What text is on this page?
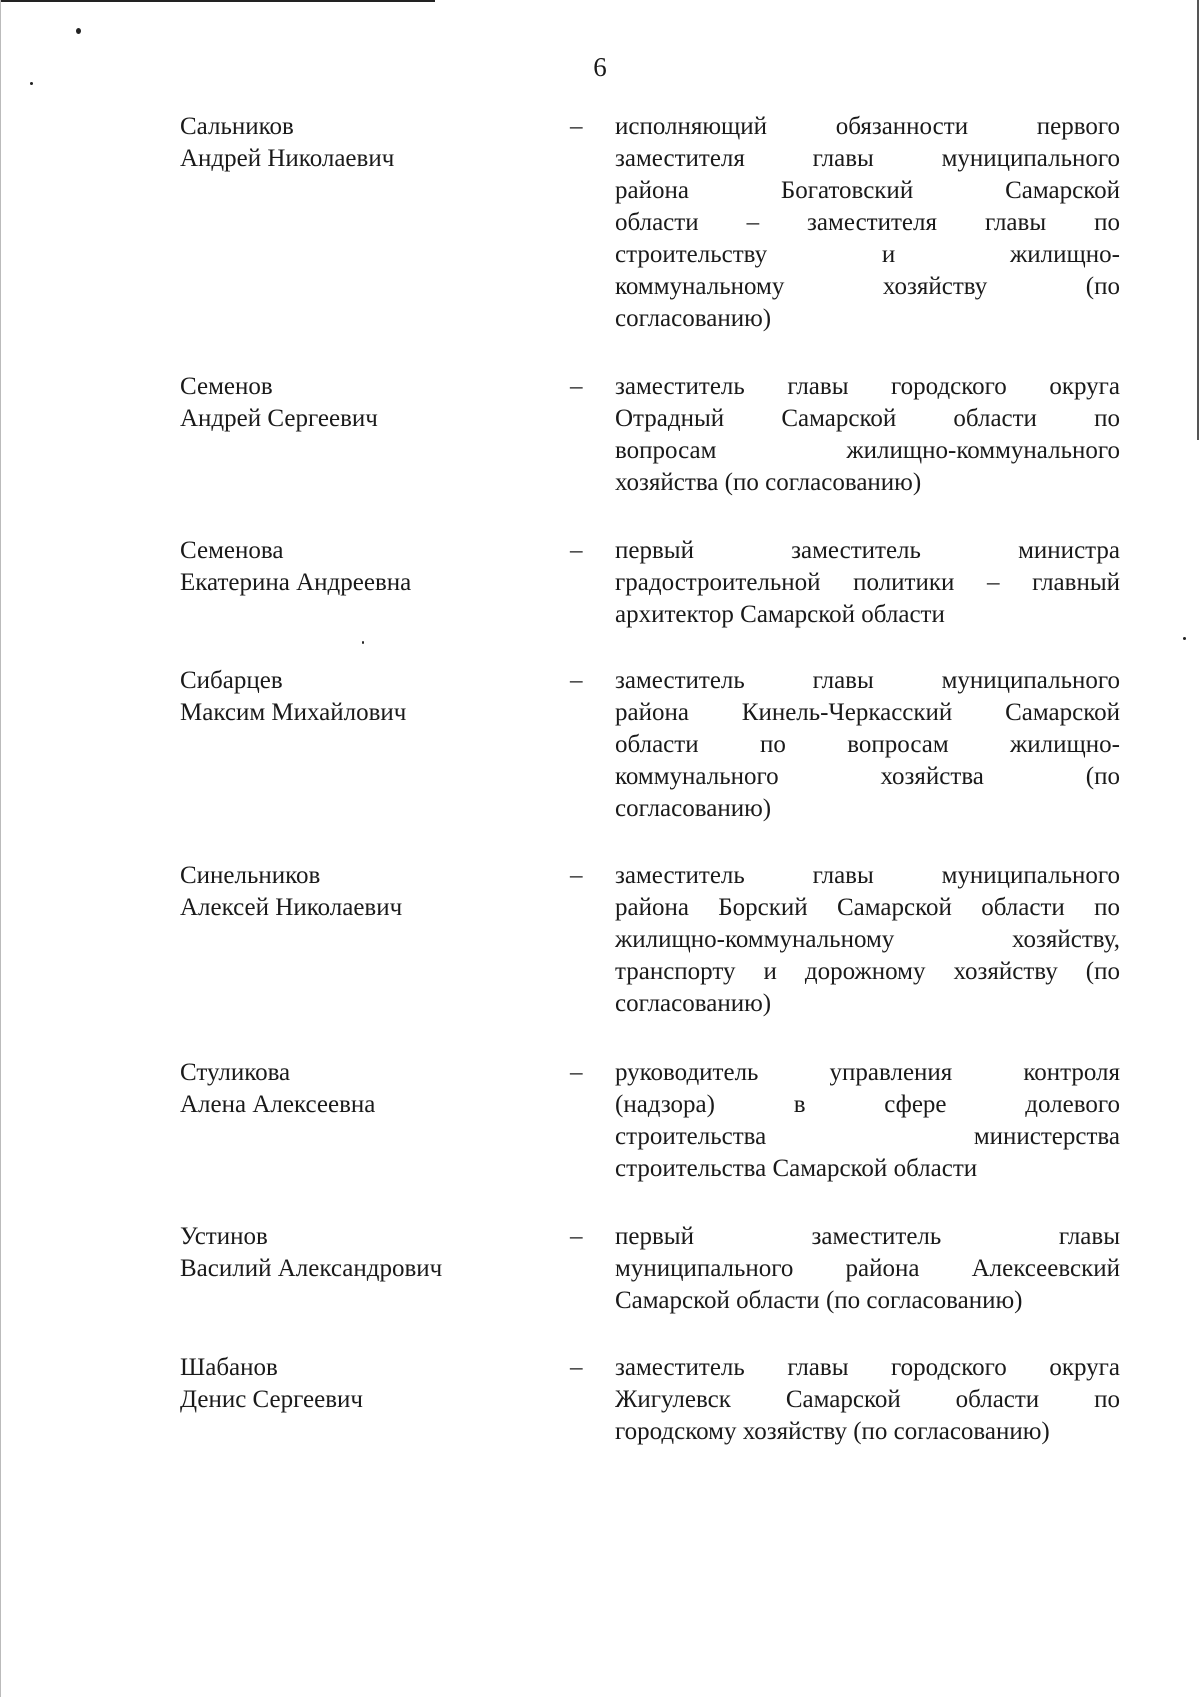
6
Сальников
Андрей Николаевич
– исполняющий обязанности первого
заместителя главы муниципального
района Богатовский Самарской
области – заместителя главы по
строительству и жилищно-
коммунальному хозяйству (по
согласованию)
Семенов
Андрей Сергеевич
– заместитель главы городского округа
Отрадный Самарской области по
вопросам жилищно-коммунального
хозяйства (по согласованию)
Семенова
Екатерина Андреевна
– первый заместитель министра
градостроительной политики – главный
архитектор Самарской области
Сибарцев
Максим Михайлович
– заместитель главы муниципального
района Кинель-Черкасский Самарской
области по вопросам жилищно-
коммунального хозяйства (по
согласованию)
Синельников
Алексей Николаевич
– заместитель главы муниципального
района Борский Самарской области по
жилищно-коммунальному хозяйству,
транспорту и дорожному хозяйству (по
согласованию)
Стуликова
Алена Алексеевна
– руководитель управления контроля
(надзора) в сфере долевого
строительства министерства
строительства Самарской области
Устинов
Василий Александрович
– первый заместитель главы
муниципального района Алексеевский
Самарской области (по согласованию)
Шабанов
Денис Сергеевич
– заместитель главы городского округа
Жигулевск Самарской области по
городскому хозяйству (по согласованию)
